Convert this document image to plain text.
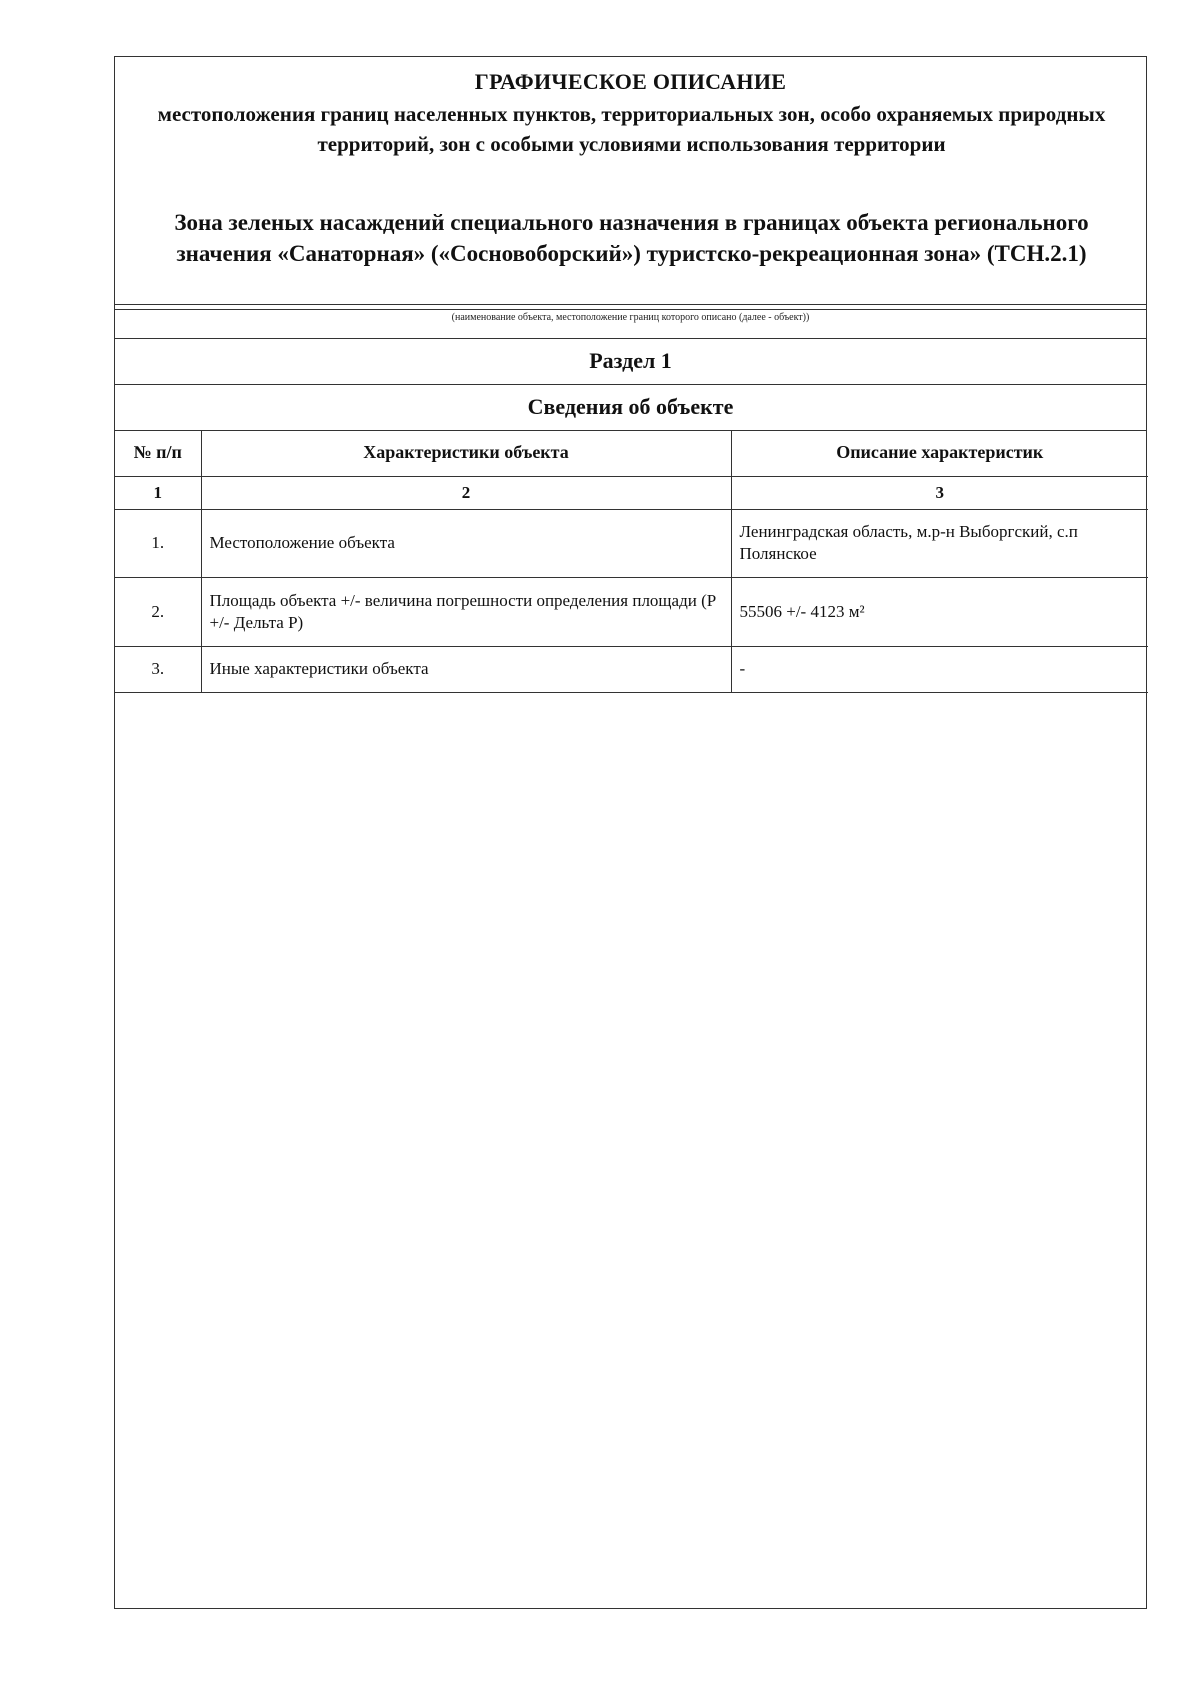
ГРАФИЧЕСКОЕ ОПИСАНИЕ
местоположения границ населенных пунктов, территориальных зон, особо охраняемых природных территорий, зон с особыми условиями использования территории
Зона зеленых насаждений специального назначения в границах объекта регионального значения «Санаторная» («Сосновоборский») туристско-рекреационная зона» (ТСН.2.1)
(наименование объекта, местоположение границ которого описано (далее - объект))
Раздел 1
Сведения об объекте
№ п/п	Характеристики объекта	Описание характеристик
1	2	3
1.	Местоположение объекта	Ленинградская область, м.р-н Выборгский, с.п Полянское
2.	Площадь объекта +/- величина погрешности определения площади (Р +/- Дельта Р)	55506 +/- 4123 м²
3.	Иные характеристики объекта	-
